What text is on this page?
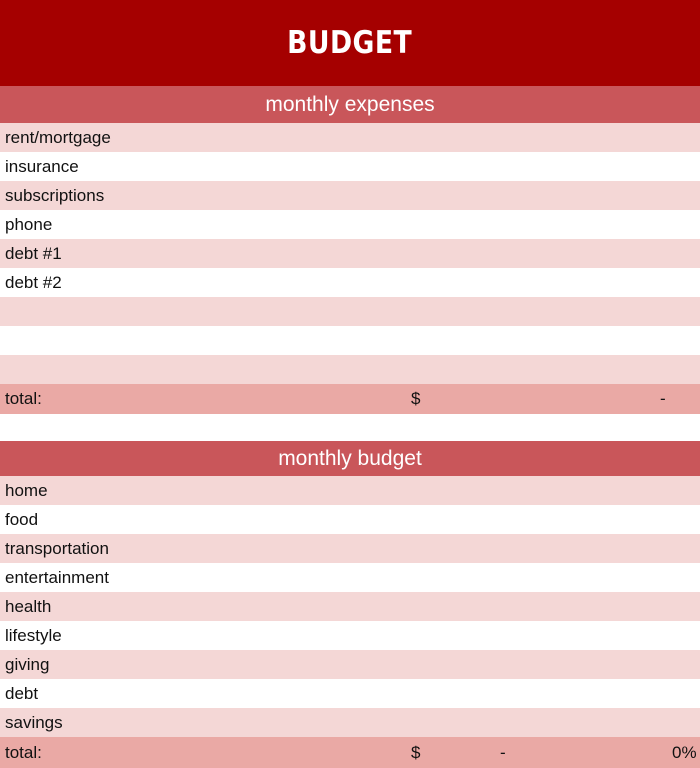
BUDGET
monthly expenses
rent/mortgage
insurance
subscriptions
phone
debt #1
debt #2
total:	$	-
monthly budget
home
food
transportation
entertainment
health
lifestyle
giving
debt
savings
total:	$	-	0%
